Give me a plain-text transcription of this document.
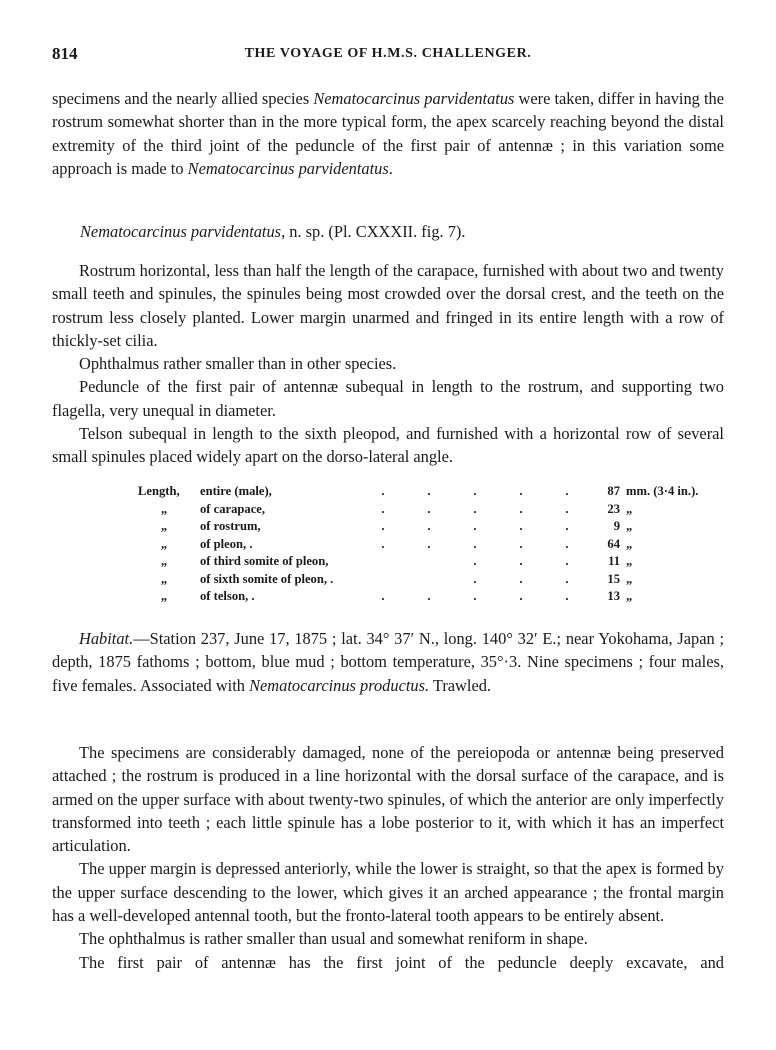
814	THE VOYAGE OF H.M.S. CHALLENGER.

specimens and the nearly allied species Nematocarcinus parvidentatus were taken, differ in having the rostrum somewhat shorter than in the more typical form, the apex scarcely reaching beyond the distal extremity of the third joint of the peduncle of the first pair of antennæ ; in this variation some approach is made to Nematocarcinus parvidentatus.

Nematocarcinus parvidentatus, n. sp. (Pl. CXXXII. fig. 7).

Rostrum horizontal, less than half the length of the carapace, furnished with about two and twenty small teeth and spinules, the spinules being most crowded over the dorsal crest, and the teeth on the rostrum less closely planted. Lower margin unarmed and fringed in its entire length with a row of thickly-set cilia.

Ophthalmus rather smaller than in other species.

Peduncle of the first pair of antennæ subequal in length to the rostrum, and supporting two flagella, very unequal in diameter.

Telson subequal in length to the sixth pleopod, and furnished with a horizontal row of several small spinules placed widely apart on the dorso-lateral angle.

Length,	entire (male),	. . . . .	87	mm. (3·4 in.).
„	of carapace,	. . . . .	23	„
„	of rostrum,	. . . . .	9	„
„	of pleon, .	. . . . .	64	„
„	of third somite of pleon,	. . .	11	„
„	of sixth somite of pleon, .	. . .	15	„
„	of telson, .	. . . . .	13	„

Habitat.—Station 237, June 17, 1875 ; lat. 34° 37′ N., long. 140° 32′ E.; near Yokohama, Japan ; depth, 1875 fathoms ; bottom, blue mud ; bottom temperature, 35°·3. Nine specimens ; four males, five females. Associated with Nematocarcinus productus. Trawled.

The specimens are considerably damaged, none of the pereiopoda or antennæ being preserved attached ; the rostrum is produced in a line horizontal with the dorsal surface of the carapace, and is armed on the upper surface with about twenty-two spinules, of which the anterior are only imperfectly transformed into teeth ; each little spinule has a lobe posterior to it, with which it has an imperfect articulation.

The upper margin is depressed anteriorly, while the lower is straight, so that the apex is formed by the upper surface descending to the lower, which gives it an arched appearance ; the frontal margin has a well-developed antennal tooth, but the fronto-lateral tooth appears to be entirely absent.

The ophthalmus is rather smaller than usual and somewhat reniform in shape.

The first pair of antennæ has the first joint of the peduncle deeply excavate, and
